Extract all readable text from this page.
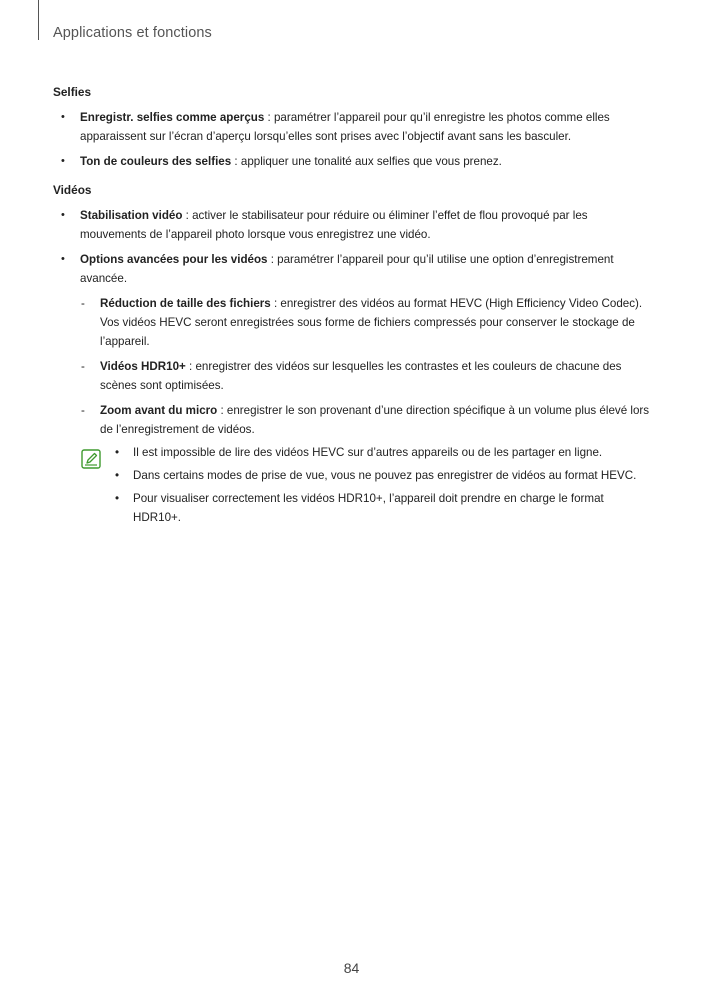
Applications et fonctions

Selfies

• Enregistr. selfies comme aperçus : paramétrer l’appareil pour qu’il enregistre les photos comme elles apparaissent sur l’écran d’aperçu lorsqu’elles sont prises avec l’objectif avant sans les basculer.
• Ton de couleurs des selfies : appliquer une tonalité aux selfies que vous prenez.

Vidéos

• Stabilisation vidéo : activer le stabilisateur pour réduire ou éliminer l’effet de flou provoqué par les mouvements de l’appareil photo lorsque vous enregistrez une vidéo.
• Options avancées pour les vidéos : paramétrer l’appareil pour qu’il utilise une option d’enregistrement avancée.
- Réduction de taille des fichiers : enregistrer des vidéos au format HEVC (High Efficiency Video Codec). Vos vidéos HEVC seront enregistrées sous forme de fichiers compressés pour conserver le stockage de l’appareil.
- Vidéos HDR10+ : enregistrer des vidéos sur lesquelles les contrastes et les couleurs de chacune des scènes sont optimisées.
- Zoom avant du micro : enregistrer le son provenant d’une direction spécifique à un volume plus élevé lors de l’enregistrement de vidéos.
• Il est impossible de lire des vidéos HEVC sur d’autres appareils ou de les partager en ligne.
• Dans certains modes de prise de vue, vous ne pouvez pas enregistrer de vidéos au format HEVC.
• Pour visualiser correctement les vidéos HDR10+, l’appareil doit prendre en charge le format HDR10+.
84
